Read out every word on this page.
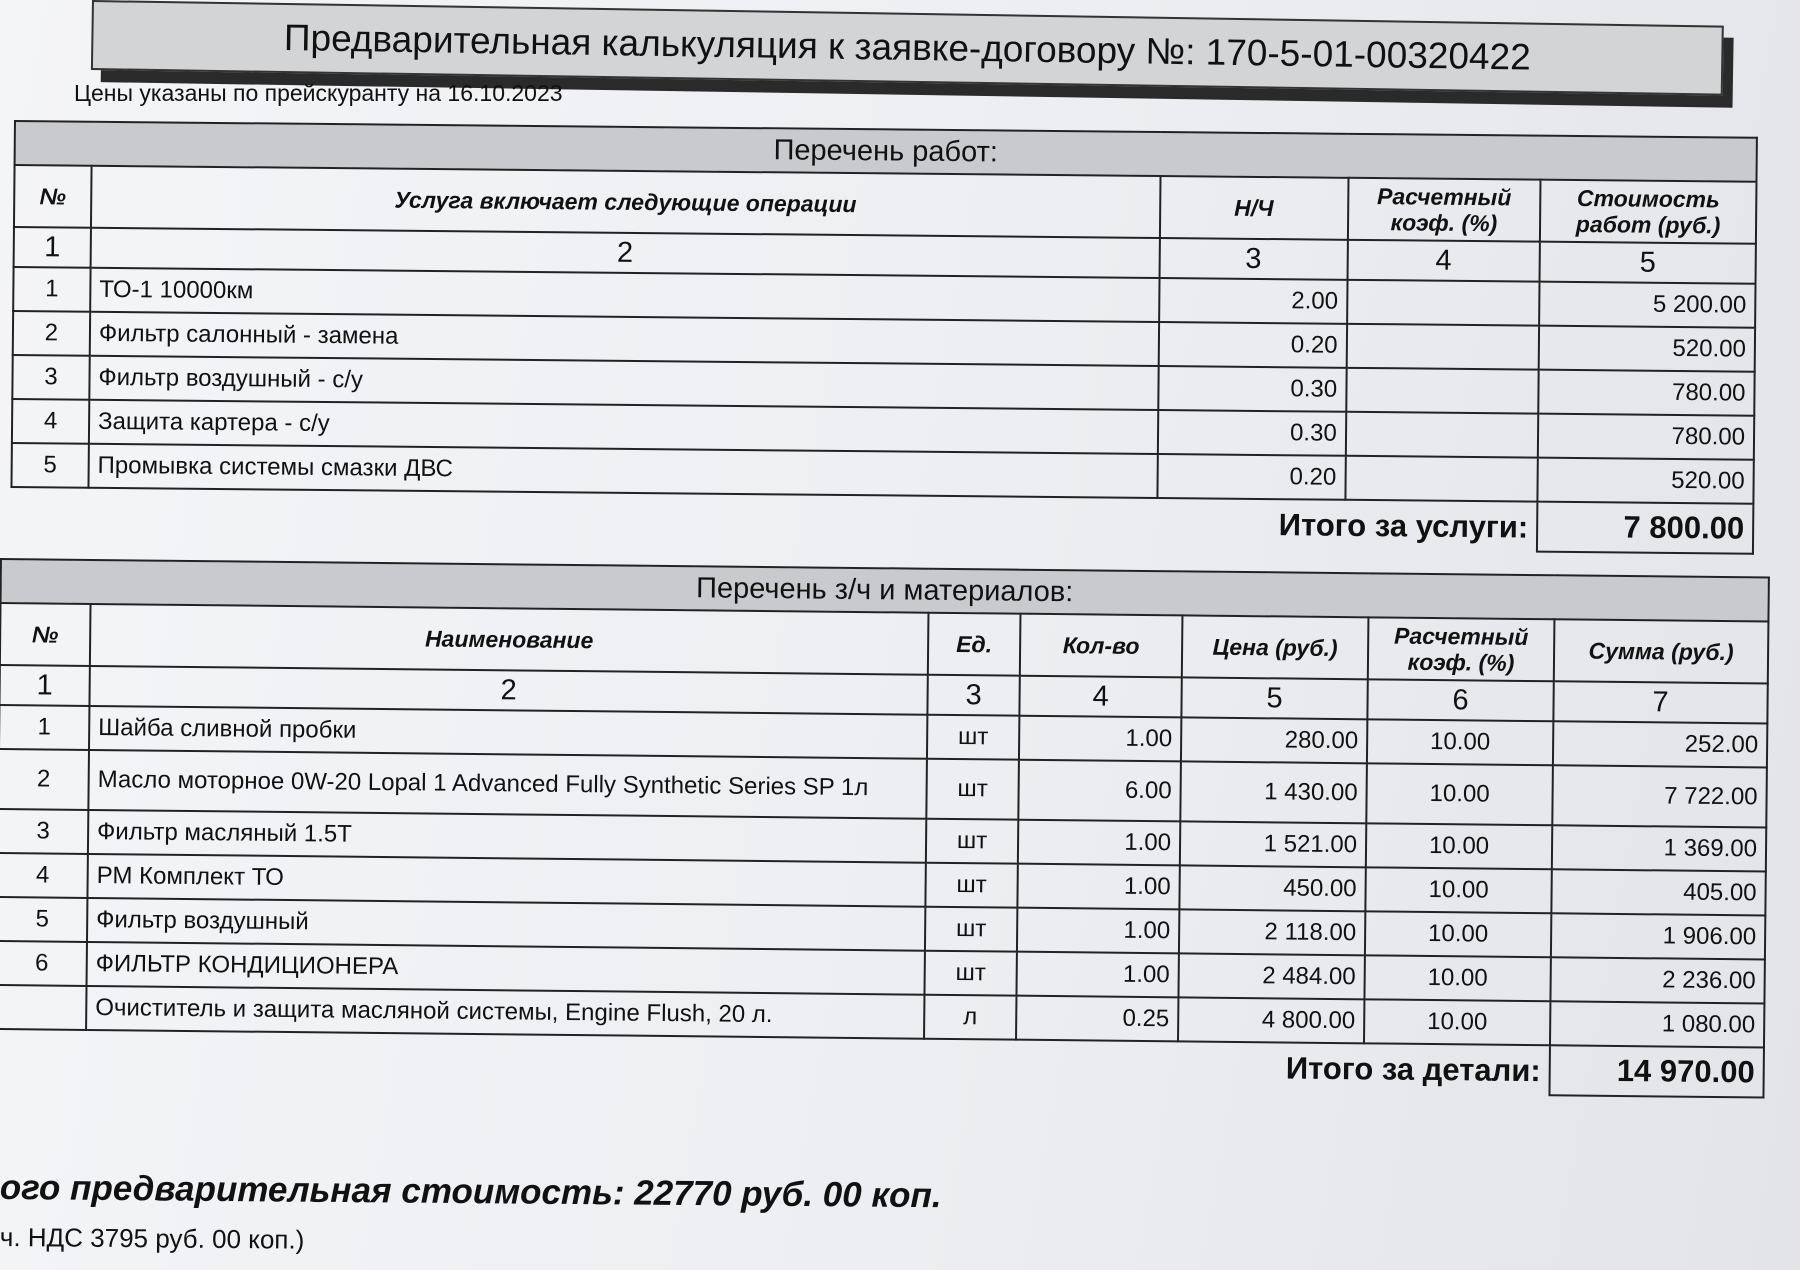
Предварительная калькуляция к заявке-договору №: 170-5-01-00320422
Цены указаны по прейскуранту на 16.10.2023
Перечень работ:				
№	Услуга включает следующие операции	Н/Ч	Расчетный коэф. (%)	Стоимость работ (руб.)
1	2	3	4	5
1	ТО-1 10000км	2.00		5 200.00
2	Фильтр салонный - замена	0.20		520.00
3	Фильтр воздушный - с/у	0.30		780.00
4	Защита картера - с/у	0.30		780.00
5	Промывка системы смазки ДВС	0.20		520.00
Итого за услуги:				7 800.00
Перечень з/ч и материалов:						
№	Наименование	Ед.	Кол-во	Цена (руб.)	Расчетный коэф. (%)	Сумма (руб.)
1	2	3	4	5	6	7
1	Шайба сливной пробки	шт	1.00	280.00	10.00	252.00
2	Масло моторное 0W-20 Lopal 1 Advanced Fully Synthetic Series SP 1л	шт	6.00	1 430.00	10.00	7 722.00
3	Фильтр масляный 1.5T	шт	1.00	1 521.00	10.00	1 369.00
4	РМ Комплект ТО	шт	1.00	450.00	10.00	405.00
5	Фильтр воздушный	шт	1.00	2 118.00	10.00	1 906.00
6	ФИЛЬТР КОНДИЦИОНЕРА	шт	1.00	2 484.00	10.00	2 236.00
	Очиститель и защита масляной системы, Engine Flush, 20 л.	л	0.25	4 800.00	10.00	1 080.00
Итого за детали:						14 970.00
ого предварительная стоимость: 22770 руб. 00 коп.
ч. НДС 3795 руб. 00 коп.)
